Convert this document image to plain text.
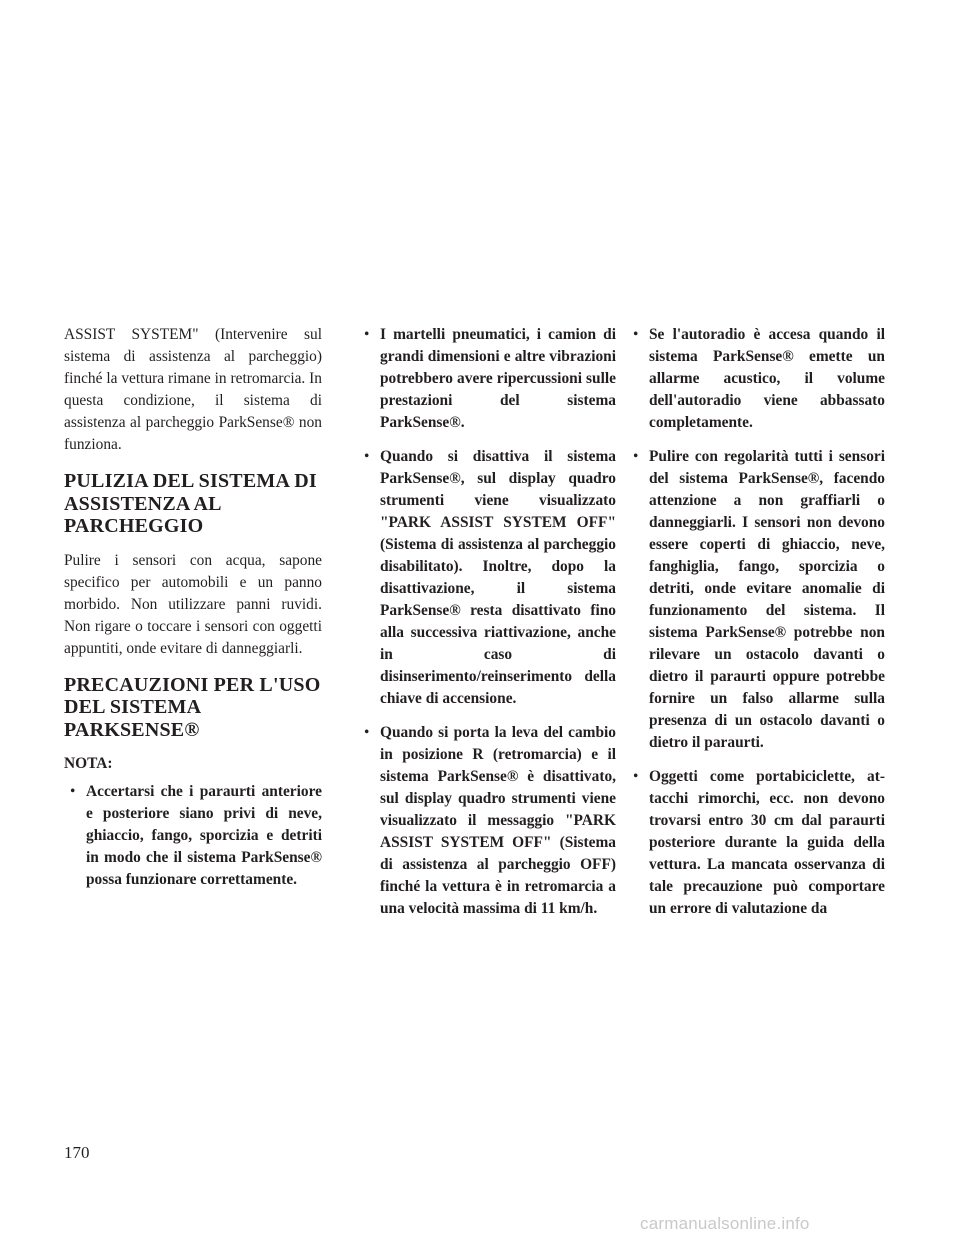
ASSIST SYSTEM" (Intervenire sul sistema di assistenza al parcheggio) finché la vettura rimane in retromarcia. In questa condizione, il sistema di assistenza al parcheggio ParkSense® non funziona.

PULIZIA DEL SISTEMA DI ASSISTENZA AL PARCHEGGIO

Pulire i sensori con acqua, sapone specifico per automobili e un panno morbido. Non utilizzare panni ruvidi. Non rigare o toccare i sensori con oggetti appuntiti, onde evitare di danneggiarli.

PRECAUZIONI PER L'USO DEL SISTEMA PARKSENSE®
NOTA:
• Accertarsi che i paraurti anteriore e posteriore siano privi di neve, ghiaccio, fango, sporcizia e detriti in modo che il sistema ParkSense® possa funzionare correttamente.
• I martelli pneumatici, i camion di grandi dimensioni e altre vibrazioni potrebbero avere ripercussioni sulle prestazioni del sistema ParkSense®.
• Quando si disattiva il sistema ParkSense®, sul display quadro strumenti viene visualizzato "PARK ASSIST SYSTEM OFF" (Sistema di assistenza al parcheggio disabilitato). Inoltre, dopo la disattivazione, il sistema ParkSense® resta disattivato fino alla successiva riattivazione, anche in caso di disinserimento/reinserimento della chiave di accensione.
• Quando si porta la leva del cambio in posizione R (retromarcia) e il sistema ParkSense® è disattivato, sul display quadro strumenti viene visualizzato il messaggio "PARK ASSIST SYSTEM OFF" (Sistema di assistenza al parcheggio OFF) finché la vettura è in retromarcia a una velocità massima di 11 km/h.
• Se l'autoradio è accesa quando il sistema ParkSense® emette un allarme acustico, il volume dell'autoradio viene abbassato completamente.
• Pulire con regolarità tutti i sensori del sistema ParkSense®, facendo attenzione a non graffiarli o danneggiarli. I sensori non devono essere coperti di ghiaccio, neve, fanghiglia, fango, sporcizia o detriti, onde evitare anomalie di funzionamento del sistema. Il sistema ParkSense® potrebbe non rilevare un ostacolo davanti o dietro il paraurti oppure potrebbe fornire un falso allarme sulla presenza di un ostacolo davanti o dietro il paraurti.
• Oggetti come portabiciclette, attacchi rimorchi, ecc. non devono trovarsi entro 30 cm dal paraurti posteriore durante la guida della vettura. La mancata osservanza di tale precauzione può comportare un errore di valutazione da
170
carmanualsonline.info
